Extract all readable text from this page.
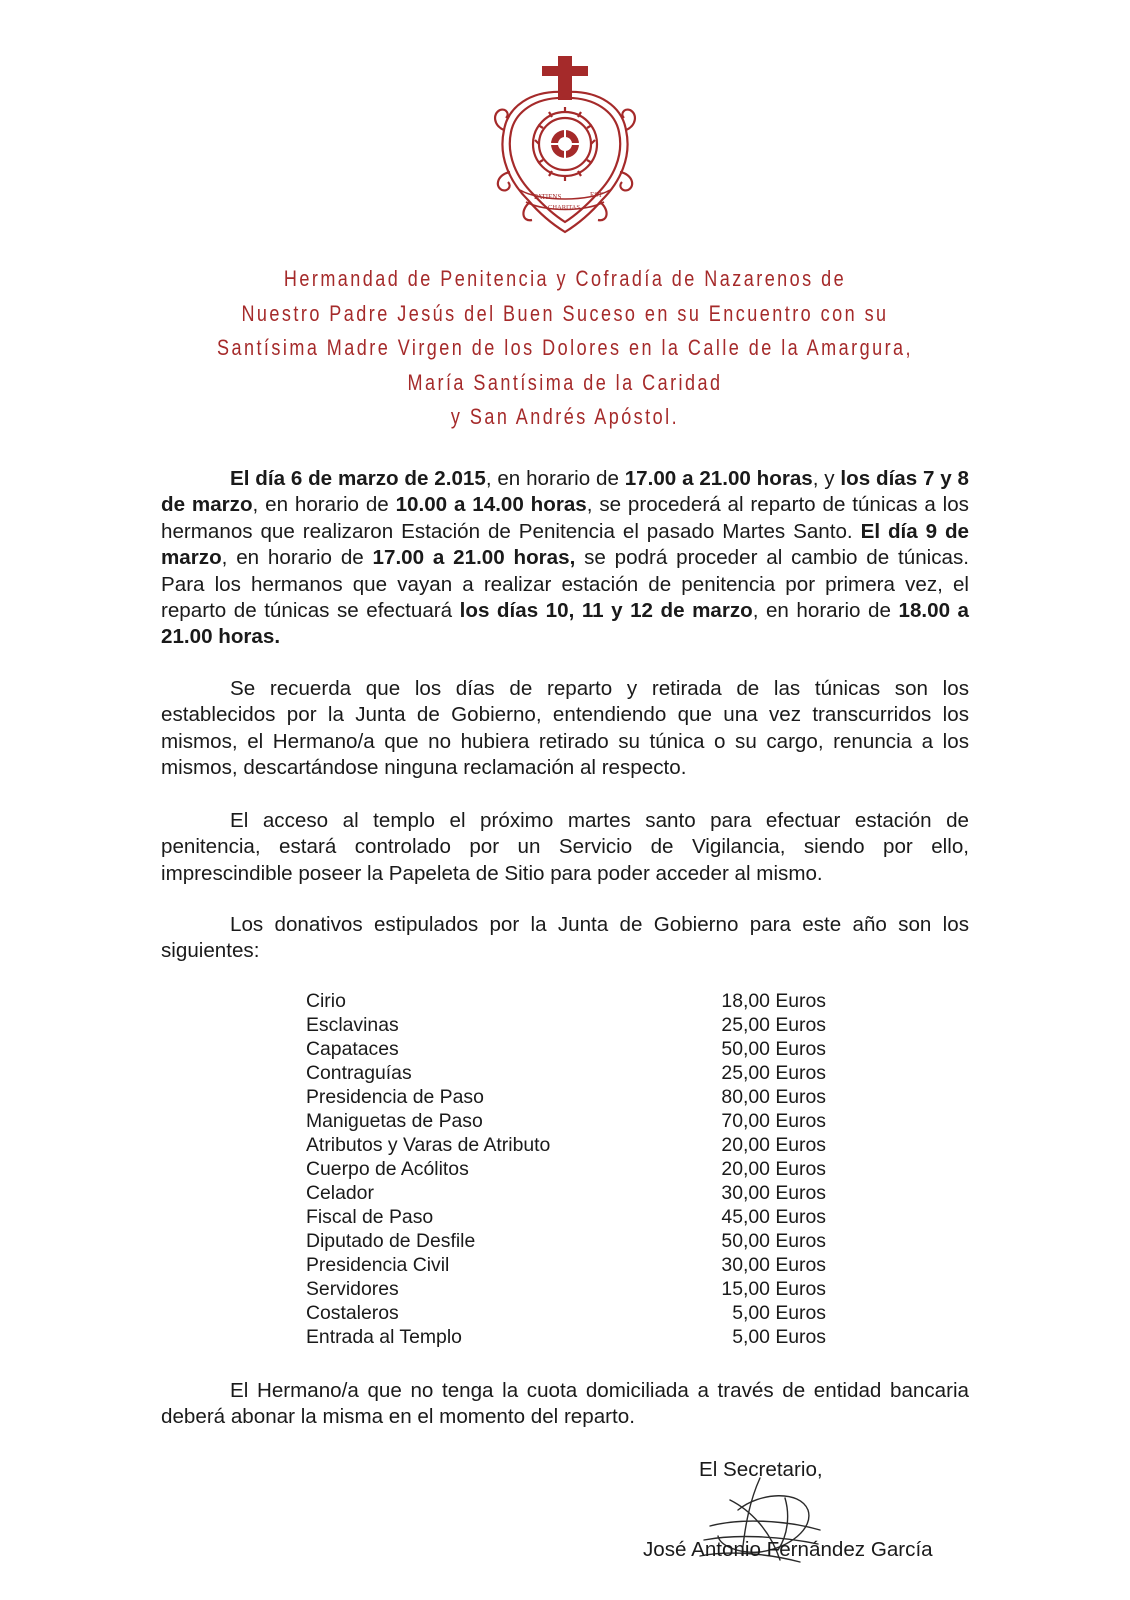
PATIENS	EST
CHARITAS
Hermandad de Penitencia y Cofradía de Nazarenos de
Nuestro Padre Jesús del Buen Suceso en su Encuentro con su
Santísima Madre Virgen de los Dolores en la Calle de la Amargura,
María Santísima de la Caridad
y San Andrés Apóstol.

El día 6 de marzo de 2.015, en horario de 17.00 a 21.00 horas, y los días 7 y 8 de marzo, en horario de 10.00 a 14.00 horas, se procederá al reparto de túnicas a los hermanos que realizaron Estación de Penitencia el pasado Martes Santo. El día 9 de marzo, en horario de 17.00 a 21.00 horas, se podrá proceder al cambio de túnicas. Para los hermanos que vayan a realizar estación de penitencia por primera vez, el reparto de túnicas se efectuará los días 10, 11 y 12 de marzo, en horario de 18.00 a 21.00 horas.

Se recuerda que los días de reparto y retirada de las túnicas son los establecidos por la Junta de Gobierno, entendiendo que una vez transcurridos los mismos, el Hermano/a que no hubiera retirado su túnica o su cargo, renuncia a los mismos, descartándose ninguna reclamación al respecto.

El acceso al templo el próximo martes santo para efectuar estación de penitencia, estará controlado por un Servicio de Vigilancia, siendo por ello, imprescindible poseer la Papeleta de Sitio para poder acceder al mismo.

Los donativos estipulados por la Junta de Gobierno para este año son los siguientes:

Cirio	18,00 Euros
Esclavinas	25,00 Euros
Capataces	50,00 Euros
Contraguías	25,00 Euros
Presidencia de Paso	80,00 Euros
Maniguetas de Paso	70,00 Euros
Atributos y Varas de Atributo	20,00 Euros
Cuerpo de Acólitos	20,00 Euros
Celador	30,00 Euros
Fiscal de Paso	45,00 Euros
Diputado de Desfile	50,00 Euros
Presidencia Civil	30,00 Euros
Servidores	15,00 Euros
Costaleros	5,00 Euros
Entrada al Templo	5,00 Euros

El Hermano/a que no tenga la cuota domiciliada a través de entidad bancaria deberá abonar la misma en el momento del reparto.

El Secretario,
José Antonio Fernández García
